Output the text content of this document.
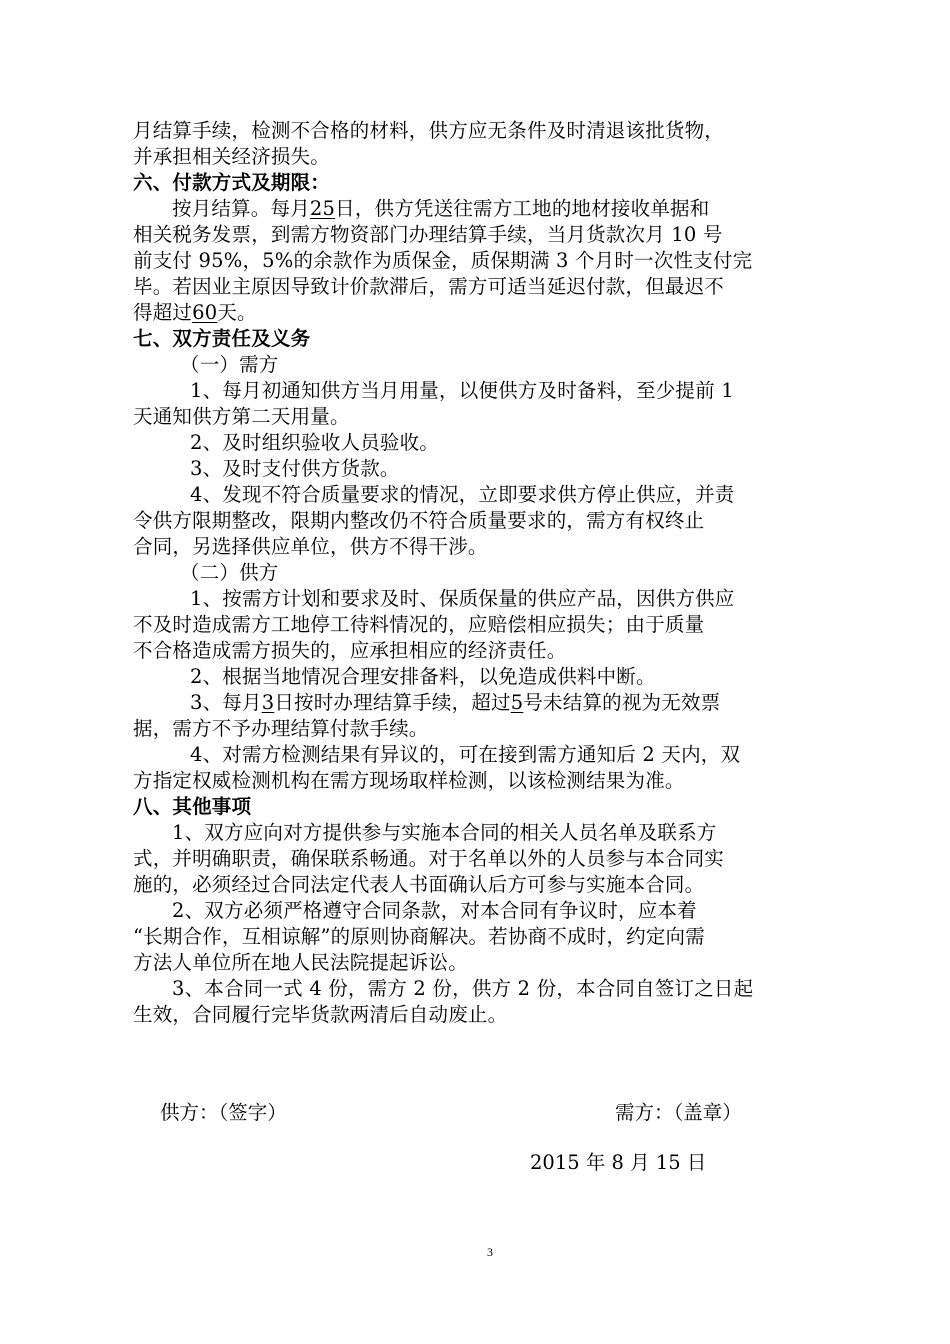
月结算手续，检测不合格的材料，供方应无条件及时清退该批货物，
并承担相关经济损失。
六、付款方式及期限：
按月结算。每月25日，供方凭送往需方工地的地材接收单据和
相关税务发票，到需方物资部门办理结算手续，当月货款次月 10 号
前支付 95%，5%的余款作为质保金，质保期满 3 个月时一次性支付完
毕。若因业主原因导致计价款滞后，需方可适当延迟付款，但最迟不
得超过60天。
七、双方责任及义务
（一）需方
1、每月初通知供方当月用量，以便供方及时备料，至少提前 1
天通知供方第二天用量。
2、及时组织验收人员验收。
3、及时支付供方货款。
4、发现不符合质量要求的情况，立即要求供方停止供应，并责
令供方限期整改，限期内整改仍不符合质量要求的，需方有权终止
合同，另选择供应单位，供方不得干涉。
（二）供方
1、按需方计划和要求及时、保质保量的供应产品，因供方供应
不及时造成需方工地停工待料情况的，应赔偿相应损失；由于质量
不合格造成需方损失的，应承担相应的经济责任。
2、根据当地情况合理安排备料，以免造成供料中断。
3、每月3日按时办理结算手续，超过5号未结算的视为无效票
据，需方不予办理结算付款手续。
4、对需方检测结果有异议的，可在接到需方通知后 2 天内，双
方指定权威检测机构在需方现场取样检测，以该检测结果为准。
八、其他事项
1、双方应向对方提供参与实施本合同的相关人员名单及联系方
式，并明确职责，确保联系畅通。对于名单以外的人员参与本合同实
施的，必须经过合同法定代表人书面确认后方可参与实施本合同。
2、双方必须严格遵守合同条款，对本合同有争议时，应本着
“长期合作，互相谅解”的原则协商解决。若协商不成时，约定向需
方法人单位所在地人民法院提起诉讼。
3、本合同一式 4 份，需方 2 份，供方 2 份，本合同自签订之日起
生效，合同履行完毕货款两清后自动废止。
供方：（签字）	需方：（盖章）
2015 年 8 月 15 日
3
